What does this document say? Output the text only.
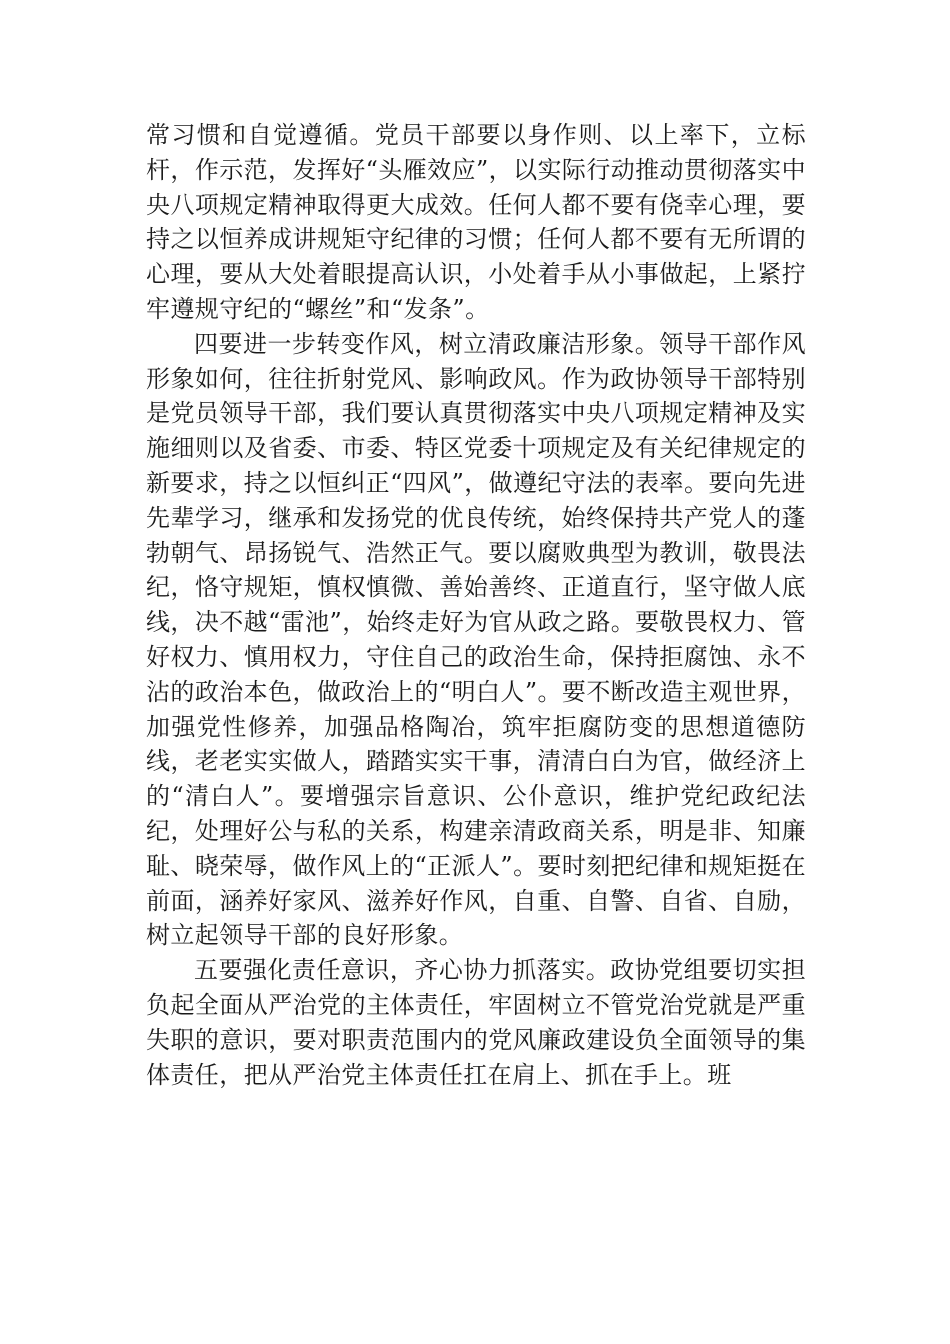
常习惯和自觉遵循。党员干部要以身作则、以上率下，立标杆，作示范，发挥好“头雁效应”，以实际行动推动贯彻落实中央八项规定精神取得更大成效。任何人都不要有侥幸心理，要持之以恒养成讲规矩守纪律的习惯；任何人都不要有无所谓的心理，要从大处着眼提高认识，小处着手从小事做起，上紧拧牢遵规守纪的“螺丝”和“发条”。

四要进一步转变作风，树立清政廉洁形象。领导干部作风形象如何，往往折射党风、影响政风。作为政协领导干部特别是党员领导干部，我们要认真贯彻落实中央八项规定精神及实施细则以及省委、市委、特区党委十项规定及有关纪律规定的新要求，持之以恒纠正“四风”，做遵纪守法的表率。要向先进先辈学习，继承和发扬党的优良传统，始终保持共产党人的蓬勃朝气、昂扬锐气、浩然正气。要以腐败典型为教训，敬畏法纪，恪守规矩，慎权慎微、善始善终、正道直行，坚守做人底线，决不越“雷池”，始终走好为官从政之路。要敬畏权力、管好权力、慎用权力，守住自己的政治生命，保持拒腐蚀、永不沾的政治本色，做政治上的“明白人”。要不断改造主观世界，加强党性修养，加强品格陶冶，筑牢拒腐防变的思想道德防线，老老实实做人，踏踏实实干事，清清白白为官，做经济上的“清白人”。要增强宗旨意识、公仆意识，维护党纪政纪法纪，处理好公与私的关系，构建亲清政商关系，明是非、知廉耻、晓荣辱，做作风上的“正派人”。要时刻把纪律和规矩挺在前面，涵养好家风、滋养好作风，自重、自警、自省、自励，树立起领导干部的良好形象。

五要强化责任意识，齐心协力抓落实。政协党组要切实担负起全面从严治党的主体责任，牢固树立不管党治党就是严重失职的意识，要对职责范围内的党风廉政建设负全面领导的集体责任，把从严治党主体责任扛在肩上、抓在手上。班
